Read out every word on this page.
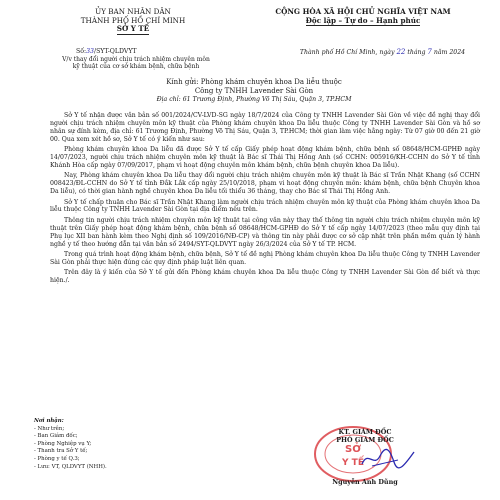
ỦY BAN NHÂN DÂN
THÀNH PHỐ HỒ CHÍ MINH
SỞ Y TẾ
CỘNG HÒA XÃ HỘI CHỦ NGHĨA VIỆT NAM
Độc lập – Tự do – Hạnh phúc
Số:33/SYT-QLDVYT
V/v thay đổi người chịu trách nhiệm chuyên môn kỹ thuật của cơ sở khám bệnh, chữa bệnh
Thành phố Hồ Chí Minh, ngày 22 tháng 7 năm 2024
Kính gửi: Phòng khám chuyên khoa Da liễu thuộc
Công ty TNHH Lavender Sài Gòn
Địa chỉ: 61 Trương Định, Phường Võ Thị Sáu, Quận 3, TP.HCM

Sở Y tế nhận được văn bản số 001/2024/CV-LVD-SG ngày 18/7/2024 của Công ty TNHH Lavender Sài Gòn về việc đề nghị thay đổi người chịu trách nhiệm chuyên môn kỹ thuật của Phòng khám chuyên khoa Da liễu thuộc Công ty TNHH Lavender Sài Gòn và hồ sơ nhân sự đính kèm, địa chỉ: 61 Trương Định, Phường Võ Thị Sáu, Quận 3, TP.HCM; thời gian làm việc hằng ngày: Từ 07 giờ 00 đến 21 giờ 00. Qua xem xét hồ sơ, Sở Y tế có ý kiến như sau:

Phòng khám chuyên khoa Da liễu đã được Sở Y tế cấp Giấy phép hoạt động khám bệnh, chữa bệnh số 08648/HCM-GPHĐ ngày 14/07/2023, người chịu trách nhiệm chuyên môn kỹ thuật là Bác sĩ Thái Thị Hồng Anh (số CCHN: 005916/KH-CCHN do Sở Y tế tỉnh Khánh Hòa cấp ngày 07/09/2017, phạm vi hoạt động chuyên môn khám bệnh, chữa bệnh chuyên khoa Da liễu).

Nay, Phòng khám chuyên khoa Da liễu thay đổi người chịu trách nhiệm chuyên môn kỹ thuật là Bác sĩ Trần Nhật Khang (số CCHN 008423/ĐL-CCHN do Sở Y tế tỉnh Đắk Lắk cấp ngày 25/10/2018, phạm vi hoạt động chuyên môn: khám bệnh, chữa bệnh Chuyên khoa Da liễu), có thời gian hành nghề chuyên khoa Da liễu tối thiểu 36 tháng, thay cho Bác sĩ Thái Thị Hồng Anh.

Sở Y tế chấp thuận cho Bác sĩ Trần Nhật Khang làm người chịu trách nhiệm chuyên môn kỹ thuật của Phòng khám chuyên khoa Da liễu thuộc Công ty TNHH Lavender Sài Gòn tại địa điểm nêu trên.

Thông tin người chịu trách nhiệm chuyên môn kỹ thuật tại công văn này thay thế thông tin người chịu trách nhiệm chuyên môn kỹ thuật trên Giấy phép hoạt động khám bệnh, chữa bệnh số 08648/HCM-GPHĐ do Sở Y tế cấp ngày 14/07/2023 (theo mẫu quy định tại Phụ lục XII ban hành kèm theo Nghị định số 109/2016/NĐ-CP) và thông tin này phải được cơ sở cập nhật trên phần mềm quản lý hành nghề y tế theo hướng dẫn tại văn bản số 2494/SYT-QLDVYT ngày 26/3/2024 của Sở Y tế TP. HCM.

Trong quá trình hoạt động khám bệnh, chữa bệnh, Sở Y tế đề nghị Phòng khám chuyên khoa Da liễu thuộc Công ty TNHH Lavender Sài Gòn phải thực hiện đúng các quy định pháp luật liên quan.

Trên đây là ý kiến của Sở Y tế gửi đến Phòng khám chuyên khoa Da liễu thuộc Công ty TNHH Lavender Sài Gòn để biết và thực hiện./.

Nơi nhận:
- Như trên;
- Ban Giám đốc;
- Phòng Nghiệp vụ Y;
- Thanh tra Sở Y tế;
- Phòng y tế Q.3;
- Lưu: VT, QLDVYT (NHH).
SỞ
Y TẾ
KT. GIÁM ĐỐC
PHÓ GIÁM ĐỐC
Nguyễn Anh Dũng
